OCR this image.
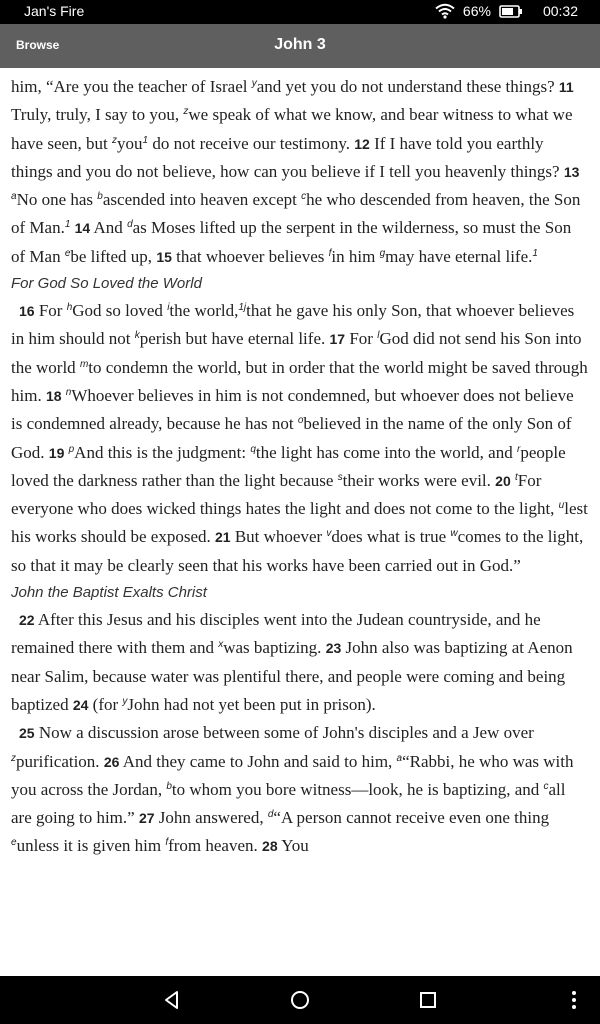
Jan's Fire	66%	00:32
Browse	John 3

him, “Are you the teacher of Israel $^y$and yet you do not understand these things? 11 Truly, truly, I say to you, $^z$we speak of what we know, and bear witness to what we have seen, but $^z$you$^1$ do not receive our testimony. 12 If I have told you earthly things and you do not believe, how can you believe if I tell you heavenly things? 13 $^a$No one has $^b$ascended into heaven except $^c$he who descended from heaven, the Son of Man.$^1$ 14 And $^d$as Moses lifted up the serpent in the wilderness, so must the Son of Man $^e$be lifted up, 15 that whoever believes $^f$in him $^g$may have eternal life.$^1$

For God So Loved the World

16 For $^h$God so loved $^i$the world,$^{1j}$that he gave his only Son, that whoever believes in him should not $^k$perish but have eternal life. 17 For $^l$God did not send his Son into the world $^m$to condemn the world, but in order that the world might be saved through him. 18 $^n$Whoever believes in him is not condemned, but whoever does not believe is condemned already, because he has not $^o$believed in the name of the only Son of God. 19 $^p$And this is the judgment: $^q$the light has come into the world, and $^r$people loved the darkness rather than the light because $^s$their works were evil. 20 $^t$For everyone who does wicked things hates the light and does not come to the light, $^u$lest his works should be exposed. 21 But whoever $^v$does what is true $^w$comes to the light, so that it may be clearly seen that his works have been carried out in God.”

John the Baptist Exalts Christ

22 After this Jesus and his disciples went into the Judean countryside, and he remained there with them and $^x$was baptizing. 23 John also was baptizing at Aenon near Salim, because water was plentiful there, and people were coming and being baptized 24 (for $^y$John had not yet been put in prison).

25 Now a discussion arose between some of John's disciples and a Jew over $^z$purification. 26 And they came to John and said to him, $^a$“Rabbi, he who was with you across the Jordan, $^b$to whom you bore witness—look, he is baptizing, and $^c$all are going to him.” 27 John answered, $^d$“A person cannot receive even one thing $^e$unless it is given him $^f$from heaven. 28 You
